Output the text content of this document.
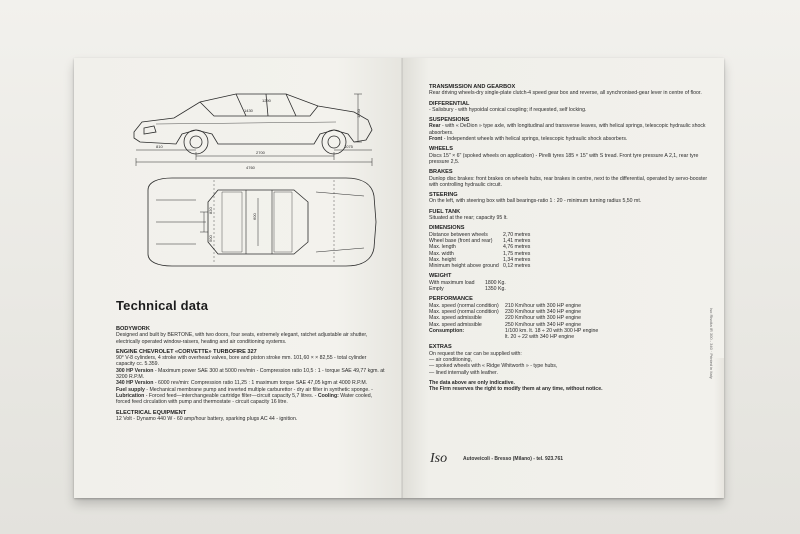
1250
4760
2700
810	1075
1290
1430
820
500
600
Technical data
BODYWORK

Designed and built by BERTONE, with two doors, four seats, extremely elegant, ratchet adjustable air shutter, electrically operated window-raisers, heating and air conditioning systems.

ENGINE CHEVROLET «CORVETTE» TURBOFIRE 327

90° V-8 cylinders, 4 stroke with overhead valves, bore and piston stroke mm. 101,60 × × 82,55 - total cylinder capacity cc. 5.359.

300 HP Version - Maximum power SAE 300 at 5000 rev/min - Compression ratio 10,5 : 1 - torque SAE 49,77 kgm. at 3200 R.P.M.

340 HP Version - 6000 rev/min: Compression ratio 11,25 : 1 maximum torque SAE 47,05 kgm at 4000 R.P.M.

Fuel supply - Mechanical membrane pump and inverted multiple carburettor - dry air filter in synthetic sponge. - Lubrication - Forced feed—interchangeable cartridge filter—circuit capacity 5,7 litres. - Cooling: Water cooled, forced feed circulation with pump and thermostate - circuit capacity 16 litre.

ELECTRICAL EQUIPMENT

12 Volt - Dynamo 440 W - 60 amp/hour battery, sparking plugs AC 44 - ignition.

TRANSMISSION AND GEARBOX

Rear driving wheels-dry single-plate clutch-4 speed gear box and reverse, all synchronised-gear lever in centre of floor.

DIFFERENTIAL

- Salisbury - with hypoidal conical coupling; if requested, self locking.

SUSPENSIONS

Rear - with « DeDion » type axle, with longitudinal and transverse leaves, with helical springs, telescopic hydraulic shock absorbers.

Front - Independent wheels with helical springs, telescopic hydraulic shock absorbers.

WHEELS

Discs 15" × 6" (spoked wheels on application) - Pirelli tyres 185 × 15" with S tread. Front tyre pressure A 2,1, rear tyre pressure 2,5.

BRAKES

Dunlop disc brakes: front brakes on wheels hubs, rear brakes in centre, next to the differential, operated by servo-booster with controlling hydraulic circuit.

STEERING

On the left, with steering box with ball bearings-ratio 1 : 20 - minimum turning radius 5,50 mt.

FUEL TANK

Situated at the rear; capacity 95 lt.

DIMENSIONS
Distance between wheels	2,70 metres
Wheel base (front and rear)	1,41 metres
Max. length	4,76 metres
Max. width	1,75 metres
Max. height	1,34 metres
Minimum height above ground 0,12 metres
WEIGHT
With maximum load	1800 Kg.
Empty	1350 Kg.
PERFORMANCE
Max. speed (normal condition)	210 Km/hour with 300 HP engine
Max. speed (normal condition)	230 Km/hour with 340 HP engine
Max. speed admissible	220 Km/hour with 300 HP engine
Max. speed admissible	250 Km/hour with 340 HP engine
Consumption:	1/100 km. lt. 18 ÷ 20 with 300 HP engine
lt. 20 ÷ 22 with 340 HP engine
EXTRAS

On request the car can be supplied with:

— air conditioning,

— spoked wheels with « Ridge Whitworth » - type hubs,

— lined internally with leather.

The data above are only indicative.

The Firm reserves the right to modify them at any time, without notice.

Iso	Autoveicoli - Bresso (Milano) - tel. 923.761
Iso Rivolta IR 300 - 340 · Printed in Italy
